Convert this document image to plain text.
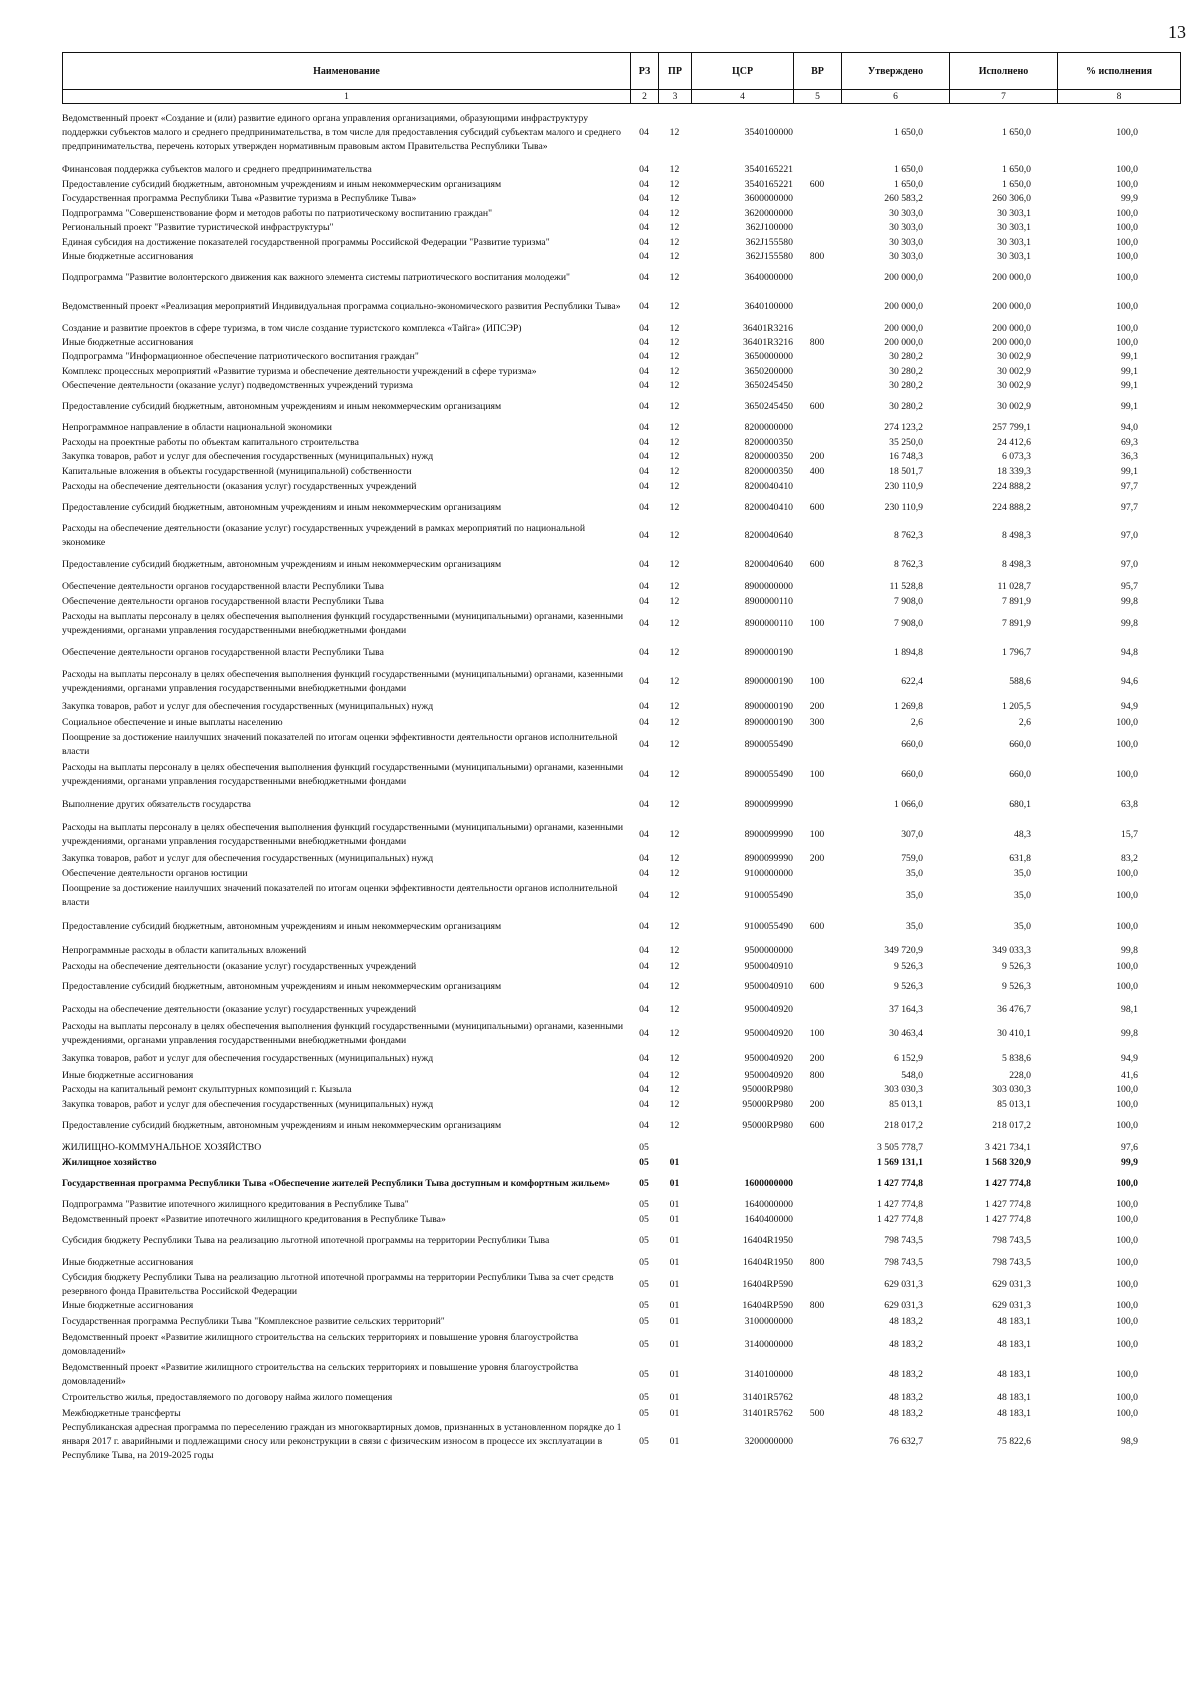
13
Наименование	РЗ	ПР	ЦСР	ВР	Утверждено	Исполнено	% исполнения
1	2	3	4	5	6	7	8
Ведомственный проект «Создание и (или) развитие единого органа управления организациями, образующими инфраструктуру поддержки субъектов малого и среднего предпринимательства, в том числе для предоставления субсидий субъектам малого и среднего предпринимательства, перечень которых утвержден нормативным правовым актом Правительства Республики Тыва»	04	12	3540100000		1 650,0	1 650,0	100,0
Финансовая поддержка субъектов малого и среднего предпринимательства	04	12	3540165221		1 650,0	1 650,0	100,0
Предоставление субсидий бюджетным, автономным учреждениям и иным некоммерческим организациям	04	12	3540165221	600	1 650,0	1 650,0	100,0
Государственная программа Республики Тыва «Развитие туризма в Республике Тыва»	04	12	3600000000		260 583,2	260 306,0	99,9
Подпрограмма "Совершенствование форм и методов работы по патриотическому воспитанию граждан"	04	12	3620000000		30 303,0	30 303,1	100,0
Региональный проект "Развитие туристической инфраструктуры"	04	12	362J100000		30 303,0	30 303,1	100,0
Единая субсидия на достижение показателей государственной программы Российской Федерации "Развитие туризма"	04	12	362J155580		30 303,0	30 303,1	100,0
Иные бюджетные ассигнования	04	12	362J155580	800	30 303,0	30 303,1	100,0
Подпрограмма "Развитие волонтерского движения как важного элемента системы патриотического воспитания молодежи"	04	12	3640000000		200 000,0	200 000,0	100,0
Ведомственный проект «Реализация мероприятий Индивидуальная программа социально-экономического развития Республики Тыва»	04	12	3640100000		200 000,0	200 000,0	100,0
Создание и развитие проектов в сфере туризма, в том числе создание туристского комплекса «Тайга» (ИПСЭР)	04	12	36401R3216		200 000,0	200 000,0	100,0
Иные бюджетные ассигнования	04	12	36401R3216	800	200 000,0	200 000,0	100,0
Подпрограмма "Информационное обеспечение патриотического воспитания граждан"	04	12	3650000000		30 280,2	30 002,9	99,1
Комплекс процессных мероприятий «Развитие туризма и обеспечение деятельности учреждений в сфере туризма»	04	12	3650200000		30 280,2	30 002,9	99,1
Обеспечение деятельности (оказание услуг) подведомственных учреждений туризма	04	12	3650245450		30 280,2	30 002,9	99,1
Предоставление субсидий бюджетным, автономным учреждениям и иным некоммерческим организациям	04	12	3650245450	600	30 280,2	30 002,9	99,1
Непрограммное направление в области национальной экономики	04	12	8200000000		274 123,2	257 799,1	94,0
Расходы на проектные работы по объектам капитального строительства	04	12	8200000350		35 250,0	24 412,6	69,3
Закупка товаров, работ и услуг для обеспечения государственных (муниципальных) нужд	04	12	8200000350	200	16 748,3	6 073,3	36,3
Капитальные вложения в объекты государственной (муниципальной) собственности	04	12	8200000350	400	18 501,7	18 339,3	99,1
Расходы на обеспечение деятельности (оказания услуг) государственных учреждений	04	12	8200040410		230 110,9	224 888,2	97,7
Предоставление субсидий бюджетным, автономным учреждениям и иным некоммерческим организациям	04	12	8200040410	600	230 110,9	224 888,2	97,7
Расходы на обеспечение деятельности (оказание услуг) государственных учреждений в рамках мероприятий по национальной экономике	04	12	8200040640		8 762,3	8 498,3	97,0
Предоставление субсидий бюджетным, автономным учреждениям и иным некоммерческим организациям	04	12	8200040640	600	8 762,3	8 498,3	97,0
Обеспечение деятельности органов государственной власти Республики Тыва	04	12	8900000000		11 528,8	11 028,7	95,7
Обеспечение деятельности органов государственной власти Республики Тыва	04	12	8900000110		7 908,0	7 891,9	99,8
Расходы на выплаты персоналу в целях обеспечения выполнения функций государственными (муниципальными) органами, казенными учреждениями, органами управления государственными внебюджетными фондами	04	12	8900000110	100	7 908,0	7 891,9	99,8
Обеспечение деятельности органов государственной власти Республики Тыва	04	12	8900000190		1 894,8	1 796,7	94,8
Расходы на выплаты персоналу в целях обеспечения выполнения функций государственными (муниципальными) органами, казенными учреждениями, органами управления государственными внебюджетными фондами	04	12	8900000190	100	622,4	588,6	94,6
Закупка товаров, работ и услуг для обеспечения государственных (муниципальных) нужд	04	12	8900000190	200	1 269,8	1 205,5	94,9
Социальное обеспечение и иные выплаты населению	04	12	8900000190	300	2,6	2,6	100,0
Поощрение за достижение наилучших значений показателей по итогам оценки эффективности деятельности органов исполнительной власти	04	12	8900055490		660,0	660,0	100,0
Расходы на выплаты персоналу в целях обеспечения выполнения функций государственными (муниципальными) органами, казенными учреждениями, органами управления государственными внебюджетными фондами	04	12	8900055490	100	660,0	660,0	100,0
Выполнение других обязательств государства	04	12	8900099990		1 066,0	680,1	63,8
Расходы на выплаты персоналу в целях обеспечения выполнения функций государственными (муниципальными) органами, казенными учреждениями, органами управления государственными внебюджетными фондами	04	12	8900099990	100	307,0	48,3	15,7
Закупка товаров, работ и услуг для обеспечения государственных (муниципальных) нужд	04	12	8900099990	200	759,0	631,8	83,2
Обеспечение деятельности органов юстиции	04	12	9100000000		35,0	35,0	100,0
Поощрение за достижение наилучших значений показателей по итогам оценки эффективности деятельности органов исполнительной власти	04	12	9100055490		35,0	35,0	100,0
Предоставление субсидий бюджетным, автономным учреждениям и иным некоммерческим организациям	04	12	9100055490	600	35,0	35,0	100,0
Непрограммные расходы в области капитальных вложений	04	12	9500000000		349 720,9	349 033,3	99,8
Расходы на обеспечение деятельности (оказание услуг) государственных учреждений	04	12	9500040910		9 526,3	9 526,3	100,0
Предоставление субсидий бюджетным, автономным учреждениям и иным некоммерческим организациям	04	12	9500040910	600	9 526,3	9 526,3	100,0
Расходы на обеспечение деятельности (оказание услуг) государственных учреждений	04	12	9500040920		37 164,3	36 476,7	98,1
Расходы на выплаты персоналу в целях обеспечения выполнения функций государственными (муниципальными) органами, казенными учреждениями, органами управления государственными внебюджетными фондами	04	12	9500040920	100	30 463,4	30 410,1	99,8
Закупка товаров, работ и услуг для обеспечения государственных (муниципальных) нужд	04	12	9500040920	200	6 152,9	5 838,6	94,9
Иные бюджетные ассигнования	04	12	9500040920	800	548,0	228,0	41,6
Расходы на капитальный ремонт скульптурных композиций г. Кызыла	04	12	95000RP980		303 030,3	303 030,3	100,0
Закупка товаров, работ и услуг для обеспечения государственных (муниципальных) нужд	04	12	95000RP980	200	85 013,1	85 013,1	100,0
Предоставление субсидий бюджетным, автономным учреждениям и иным некоммерческим организациям	04	12	95000RP980	600	218 017,2	218 017,2	100,0
ЖИЛИЩНО-КОММУНАЛЬНОЕ ХОЗЯЙСТВО	05				3 505 778,7	3 421 734,1	97,6
Жилищное хозяйство	05	01			1 569 131,1	1 568 320,9	99,9
Государственная программа Республики Тыва «Обеспечение жителей Республики Тыва доступным и комфортным жильем»	05	01	1600000000		1 427 774,8	1 427 774,8	100,0
Подпрограмма "Развитие ипотечного жилищного кредитования в Республике Тыва"	05	01	1640000000		1 427 774,8	1 427 774,8	100,0
Ведомственный проект «Развитие ипотечного жилищного кредитования в Республике Тыва»	05	01	1640400000		1 427 774,8	1 427 774,8	100,0
Субсидия бюджету Республики Тыва на реализацию льготной ипотечной программы на территории Республики Тыва	05	01	16404R1950		798 743,5	798 743,5	100,0
Иные бюджетные ассигнования	05	01	16404R1950	800	798 743,5	798 743,5	100,0
Субсидия бюджету Республики Тыва на реализацию льготной ипотечной программы на территории Республики Тыва за счет средств резервного фонда Правительства Российской Федерации	05	01	16404RP590		629 031,3	629 031,3	100,0
Иные бюджетные ассигнования	05	01	16404RP590	800	629 031,3	629 031,3	100,0
Государственная программа Республики Тыва "Комплексное развитие сельских территорий"	05	01	3100000000		48 183,2	48 183,1	100,0
Ведомственный проект «Развитие жилищного строительства на сельских территориях и повышение уровня благоустройства домовладений»	05	01	3140000000		48 183,2	48 183,1	100,0
Ведомственный проект «Развитие жилищного строительства на сельских территориях и повышение уровня благоустройства домовладений»	05	01	3140100000		48 183,2	48 183,1	100,0
Строительство жилья, предоставляемого по договору найма жилого помещения	05	01	31401R5762		48 183,2	48 183,1	100,0
Межбюджетные трансферты	05	01	31401R5762	500	48 183,2	48 183,1	100,0
Республиканская адресная программа по переселению граждан из многоквартирных домов, признанных в установленном порядке до 1 января 2017 г. аварийными и подлежащими сносу или реконструкции в связи с физическим износом в процессе их эксплуатации в Республике Тыва, на 2019-2025 годы	05	01	3200000000		76 632,7	75 822,6	98,9
